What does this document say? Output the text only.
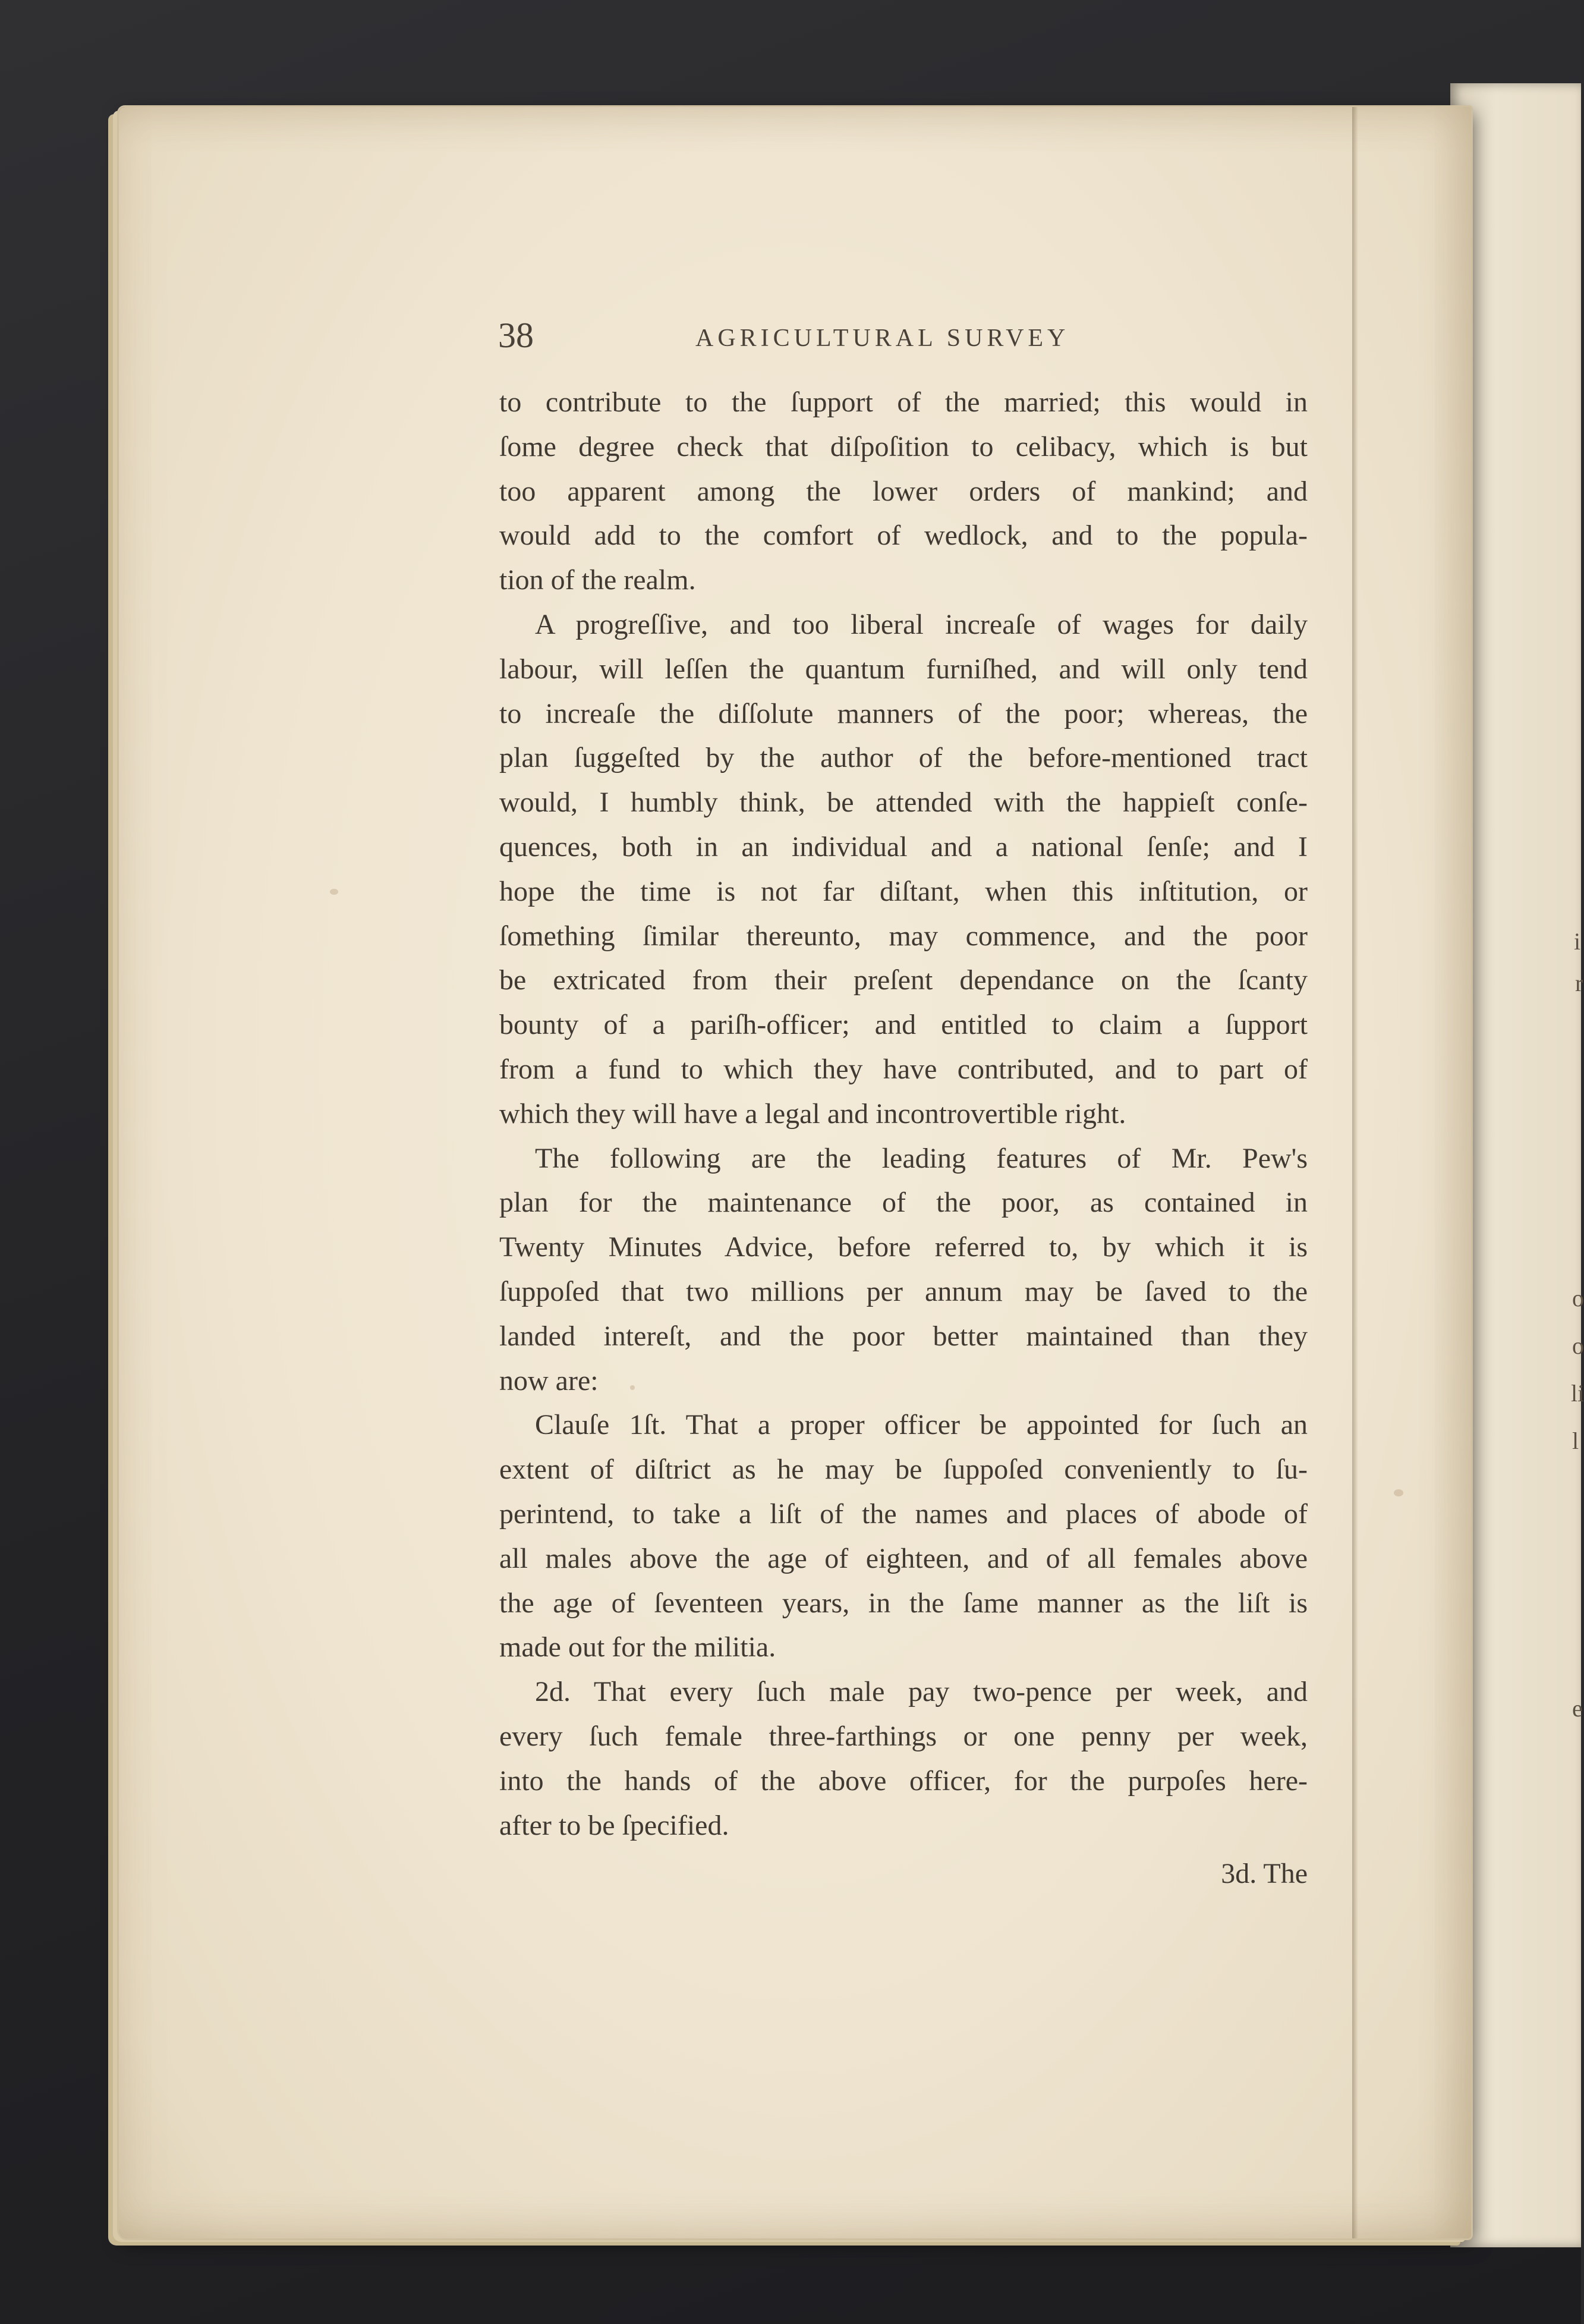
i
r
o
o
li
l
e
38	AGRICULTURAL SURVEY
to contribute to the ſupport of the married; this would in
ſome degree check that diſpoſition to celibacy, which is but
too apparent among the lower orders of mankind; and
would add to the comfort of wedlock, and to the popula-
tion of the realm.
A progreſſive, and too liberal increaſe of wages for daily
labour, will leſſen the quantum furniſhed, and will only tend
to increaſe the diſſolute manners of the poor; whereas, the
plan ſuggeſted by the author of the before-mentioned tract
would, I humbly think, be attended with the happieſt conſe-
quences, both in an individual and a national ſenſe; and I
hope the time is not far diſtant, when this inſtitution, or
ſomething ſimilar thereunto, may commence, and the poor
be extricated from their preſent dependance on the ſcanty
bounty of a pariſh-officer; and entitled to claim a ſupport
from a fund to which they have contributed, and to part of
which they will have a legal and incontrovertible right.
The following are the leading features of Mr. Pew's
plan for the maintenance of the poor, as contained in
Twenty Minutes Advice, before referred to, by which it is
ſuppoſed that two millions per annum may be ſaved to the
landed intereſt, and the poor better maintained than they
now are:
Clauſe 1ſt. That a proper officer be appointed for ſuch an
extent of diſtrict as he may be ſuppoſed conveniently to ſu-
perintend, to take a liſt of the names and places of abode of
all males above the age of eighteen, and of all females above
the age of ſeventeen years, in the ſame manner as the liſt is
made out for the militia.
2d. That every ſuch male pay two-pence per week, and
every ſuch female three-farthings or one penny per week,
into the hands of the above officer, for the purpoſes here-
after to be ſpecified.
3d. The
